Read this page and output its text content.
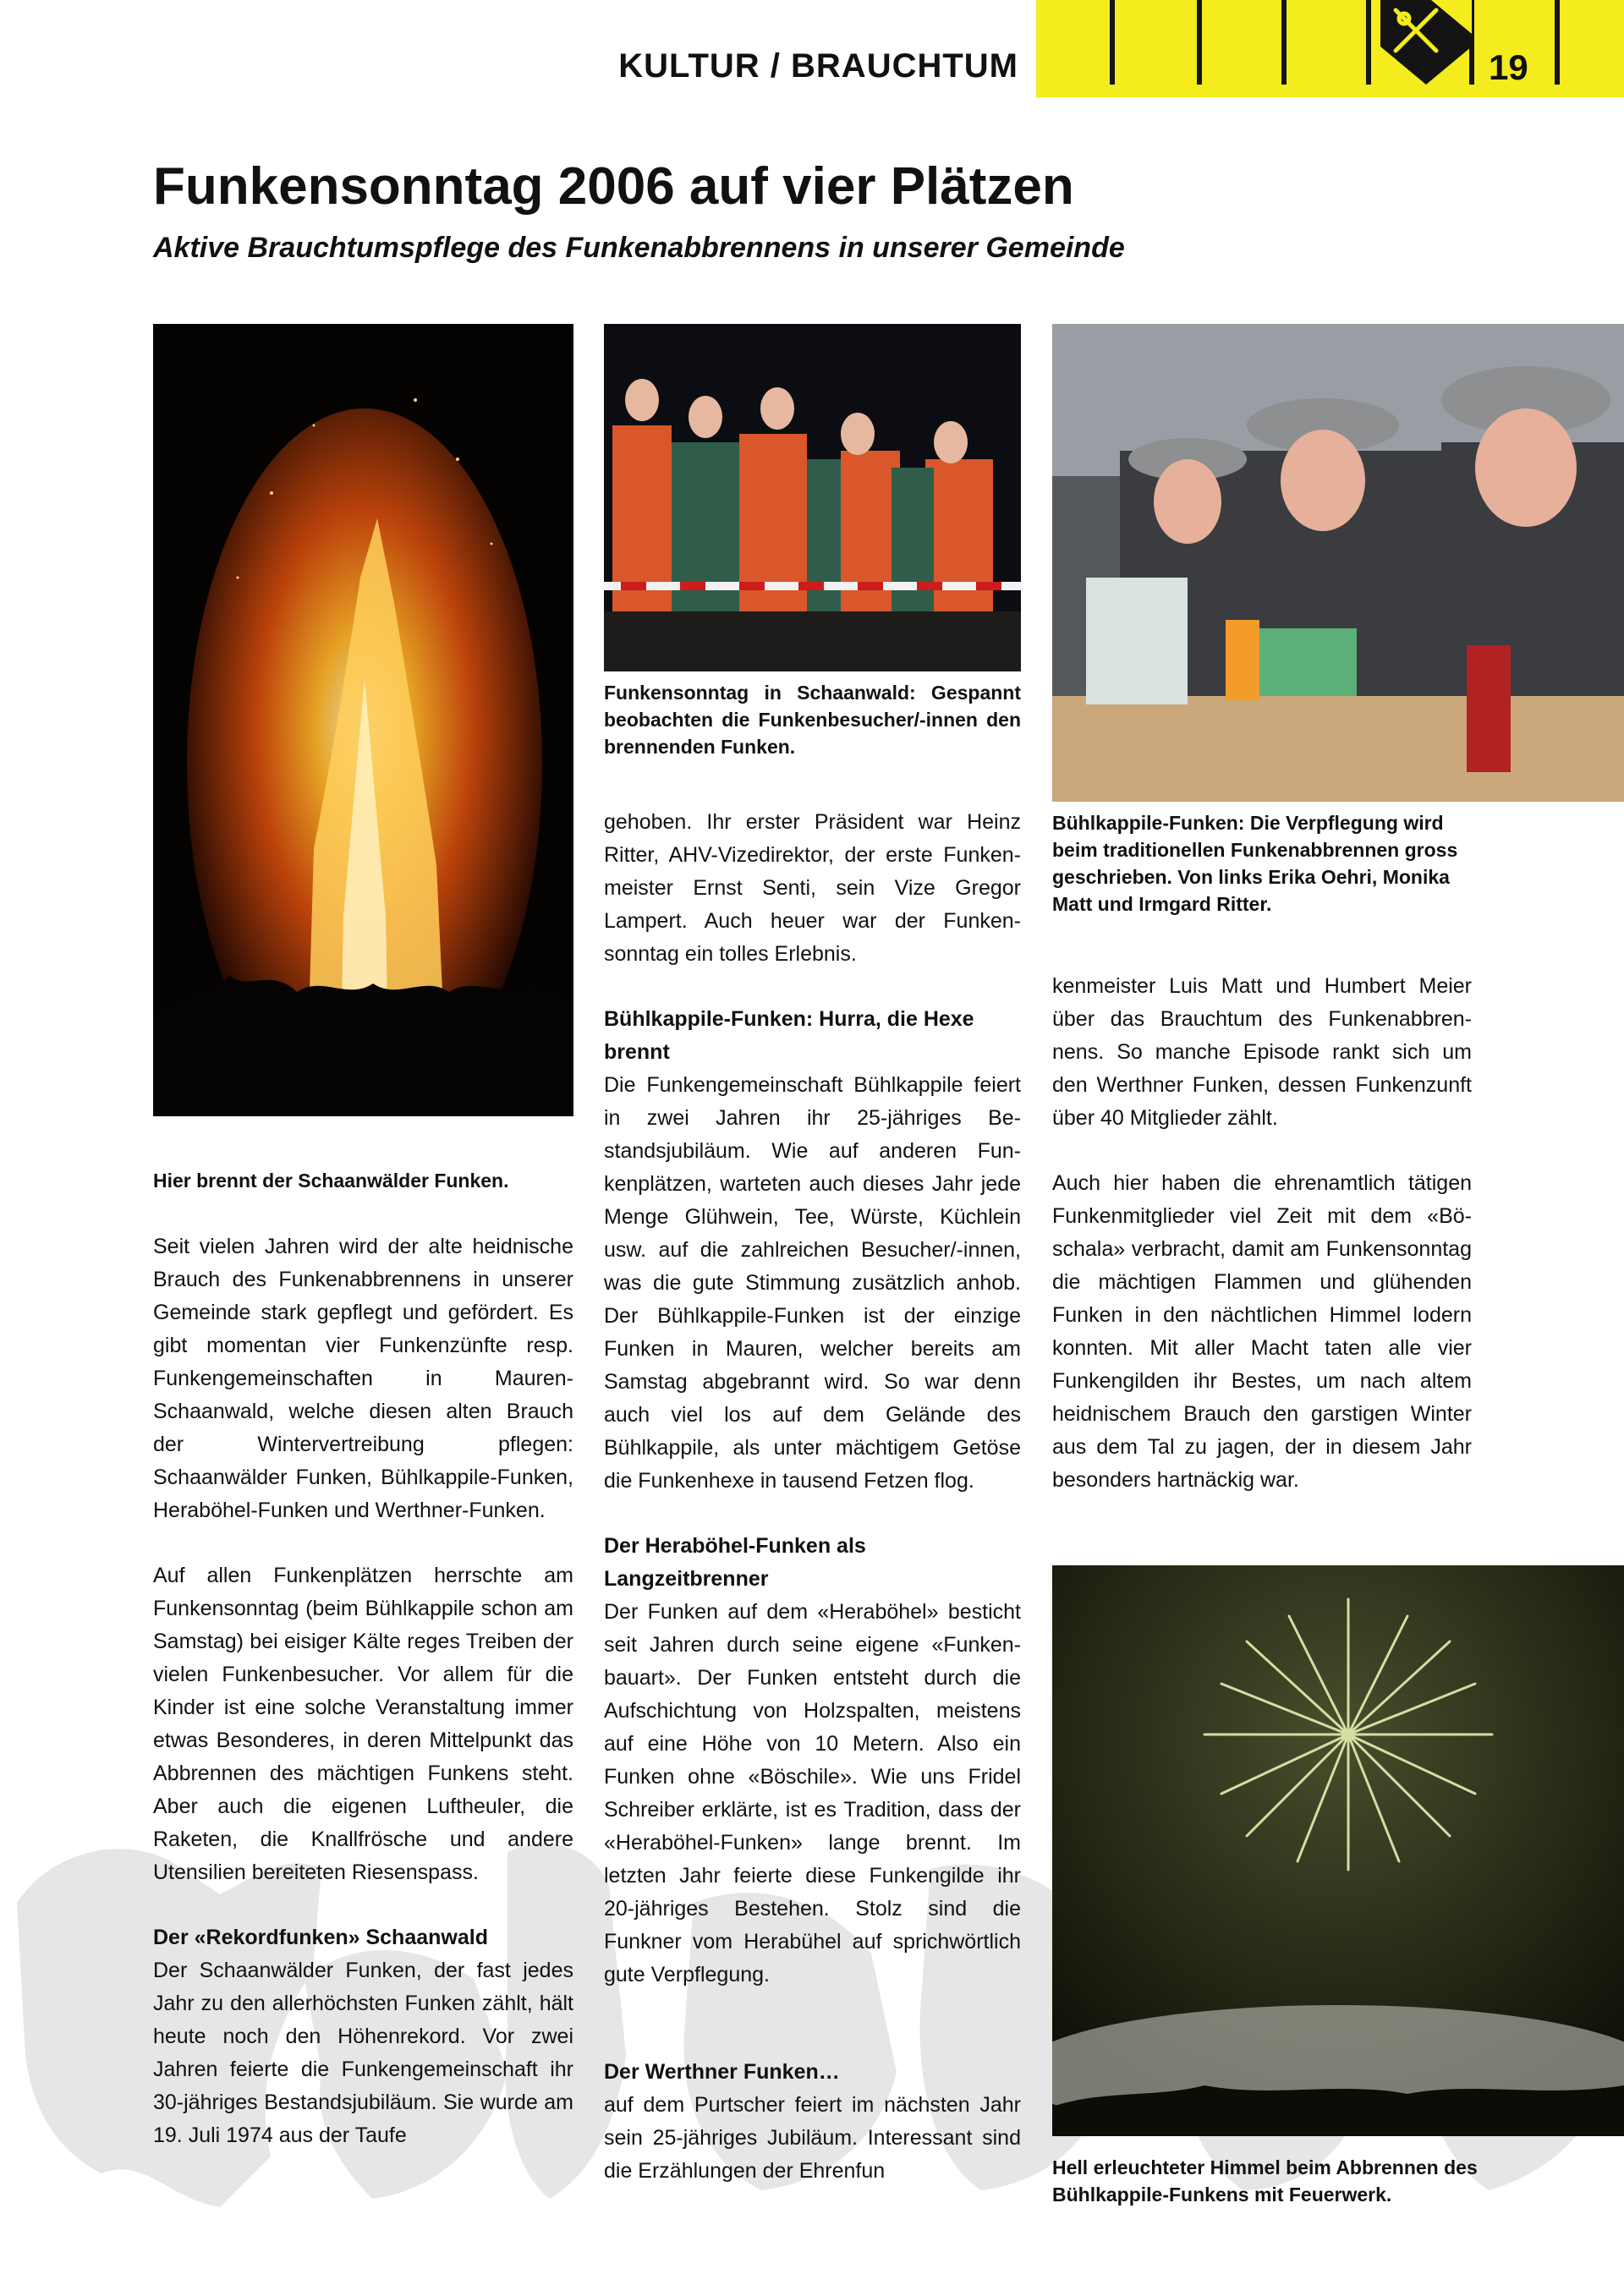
19
KULTUR / BRAUCHTUM
Funkensonntag 2006 auf vier Plätzen
Aktive Brauchtumspflege des Funkenabbrennens in unserer Gemeinde

Hier brennt der Schaanwälder Funken.

Funkensonntag in Schaanwald: Gespannt beobachten die Funkenbesucher/-innen den brennenden Funken.

Bühlkappile-Funken: Die Verpflegung wird beim traditionellen Funkenabbrennen gross geschrieben. Von links Erika Oehri, Monika Matt und Irmgard Ritter.

Hell erleuchteter Himmel beim Abbrennen des Bühlkappile-Funkens mit Feuerwerk.

Seit vielen Jahren wird der alte heidnische Brauch des Funkenabbrennens in unserer Gemeinde stark gepflegt und gefördert. Es gibt momentan vier Funkenzünfte resp. Funkengemeinschaften in Mauren-Schaanwald, welche diesen alten Brauch der Wintervertreibung pflegen: Schaanwälder Funken, Bühlkappile-Funken, Heraböhel-Funken und Werthner-Funken.

Auf allen Funkenplätzen herrschte am Funkensonntag (beim Bühlkappile schon am Samstag) bei eisiger Kälte reges Treiben der vielen Funkenbesucher. Vor allem für die Kinder ist eine solche Veranstaltung immer etwas Besonderes, in deren Mittelpunkt das Abbrennen des mächtigen Funkens steht. Aber auch die eigenen Luftheuler, die Raketen, die Knallfrösche und andere Utensilien bereiteten Riesenspass.

Der «Rekordfunken» Schaanwald

Der Schaanwälder Funken, der fast jedes Jahr zu den allerhöchsten Funken zählt, hält heute noch den Höhenrekord. Vor zwei Jahren feierte die Funkengemeinschaft ihr 30-jähriges Bestandsjubiläum. Sie wurde am 19. Juli 1974 aus der Taufe

gehoben. Ihr erster Präsident war Heinz Ritter, AHV-Vizedirektor, der erste Funkenmeister Ernst Senti, sein Vize Gregor Lampert. Auch heuer war der Funkensonntag ein tolles Erlebnis.

Bühlkappile-Funken: Hurra, die Hexe brennt

Die Funkengemeinschaft Bühlkappile feiert in zwei Jahren ihr 25-jähriges Bestandsjubiläum. Wie auf anderen Funkenplätzen, warteten auch dieses Jahr jede Menge Glühwein, Tee, Würste, Küchlein usw. auf die zahlreichen Besucher/-innen, was die gute Stimmung zusätzlich anhob. Der Bühlkappile-Funken ist der einzige Funken in Mauren, welcher bereits am Samstag abgebrannt wird. So war denn auch viel los auf dem Gelände des Bühlkappile, als unter mächtigem Getöse die Funkenhexe in tausend Fetzen flog.

Der Heraböhel-Funken als Langzeitbrenner

Der Funken auf dem «Heraböhel» besticht seit Jahren durch seine eigene «Funkenbauart». Der Funken entsteht durch die Aufschichtung von Holzspalten, meistens auf eine Höhe von 10 Metern. Also ein Funken ohne «Böschile». Wie uns Fridel Schreiber erklärte, ist es Tradition, dass der «Heraböhel-Funken» lange brennt. Im letzten Jahr feierte diese Funkengilde ihr 20-jähriges Bestehen. Stolz sind die Funkner vom Herabühel auf sprichwörtlich gute Verpflegung.

Der Werthner Funken…

auf dem Purtscher feiert im nächsten Jahr sein 25-jähriges Jubiläum. Interessant sind die Erzählungen der Ehrenfun

kenmeister Luis Matt und Humbert Meier über das Brauchtum des Funkenabbrennens. So manche Episode rankt sich um den Werthner Funken, dessen Funkenzunft über 40 Mitglieder zählt.

Auch hier haben die ehrenamtlich tätigen Funkenmitglieder viel Zeit mit dem «Böschala» verbracht, damit am Funkensonntag die mächtigen Flammen und glühenden Funken in den nächtlichen Himmel lodern konnten. Mit aller Macht taten alle vier Funkengilden ihr Bestes, um nach altem heidnischem Brauch den garstigen Winter aus dem Tal zu jagen, der in diesem Jahr besonders hartnäckig war.
